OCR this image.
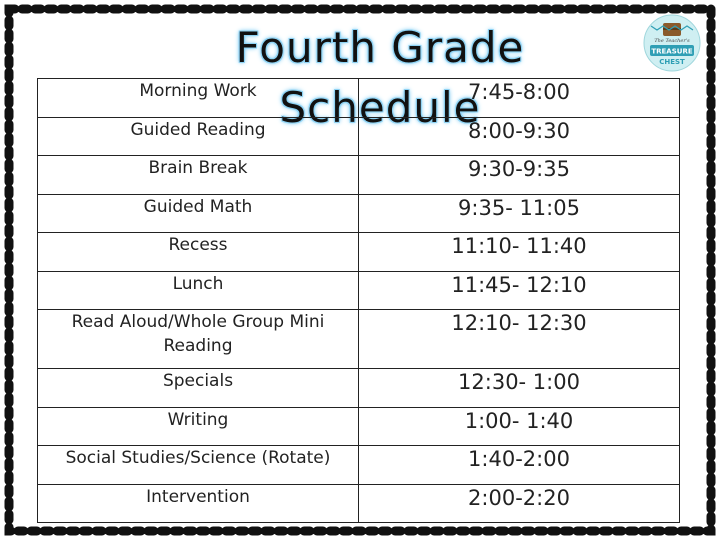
Fourth Grade Schedule
The Teacher's
TREASURE
CHEST
Morning Work	7:45-8:00
Guided Reading	8:00-9:30
Brain Break	9:30-9:35
Guided Math	9:35- 11:05
Recess	11:10- 11:40
Lunch	11:45- 12:10
Read Aloud/Whole Group Mini Reading	12:10- 12:30
Specials	12:30- 1:00
Writing	1:00- 1:40
Social Studies/Science (Rotate)	1:40-2:00
Intervention	2:00-2:20
